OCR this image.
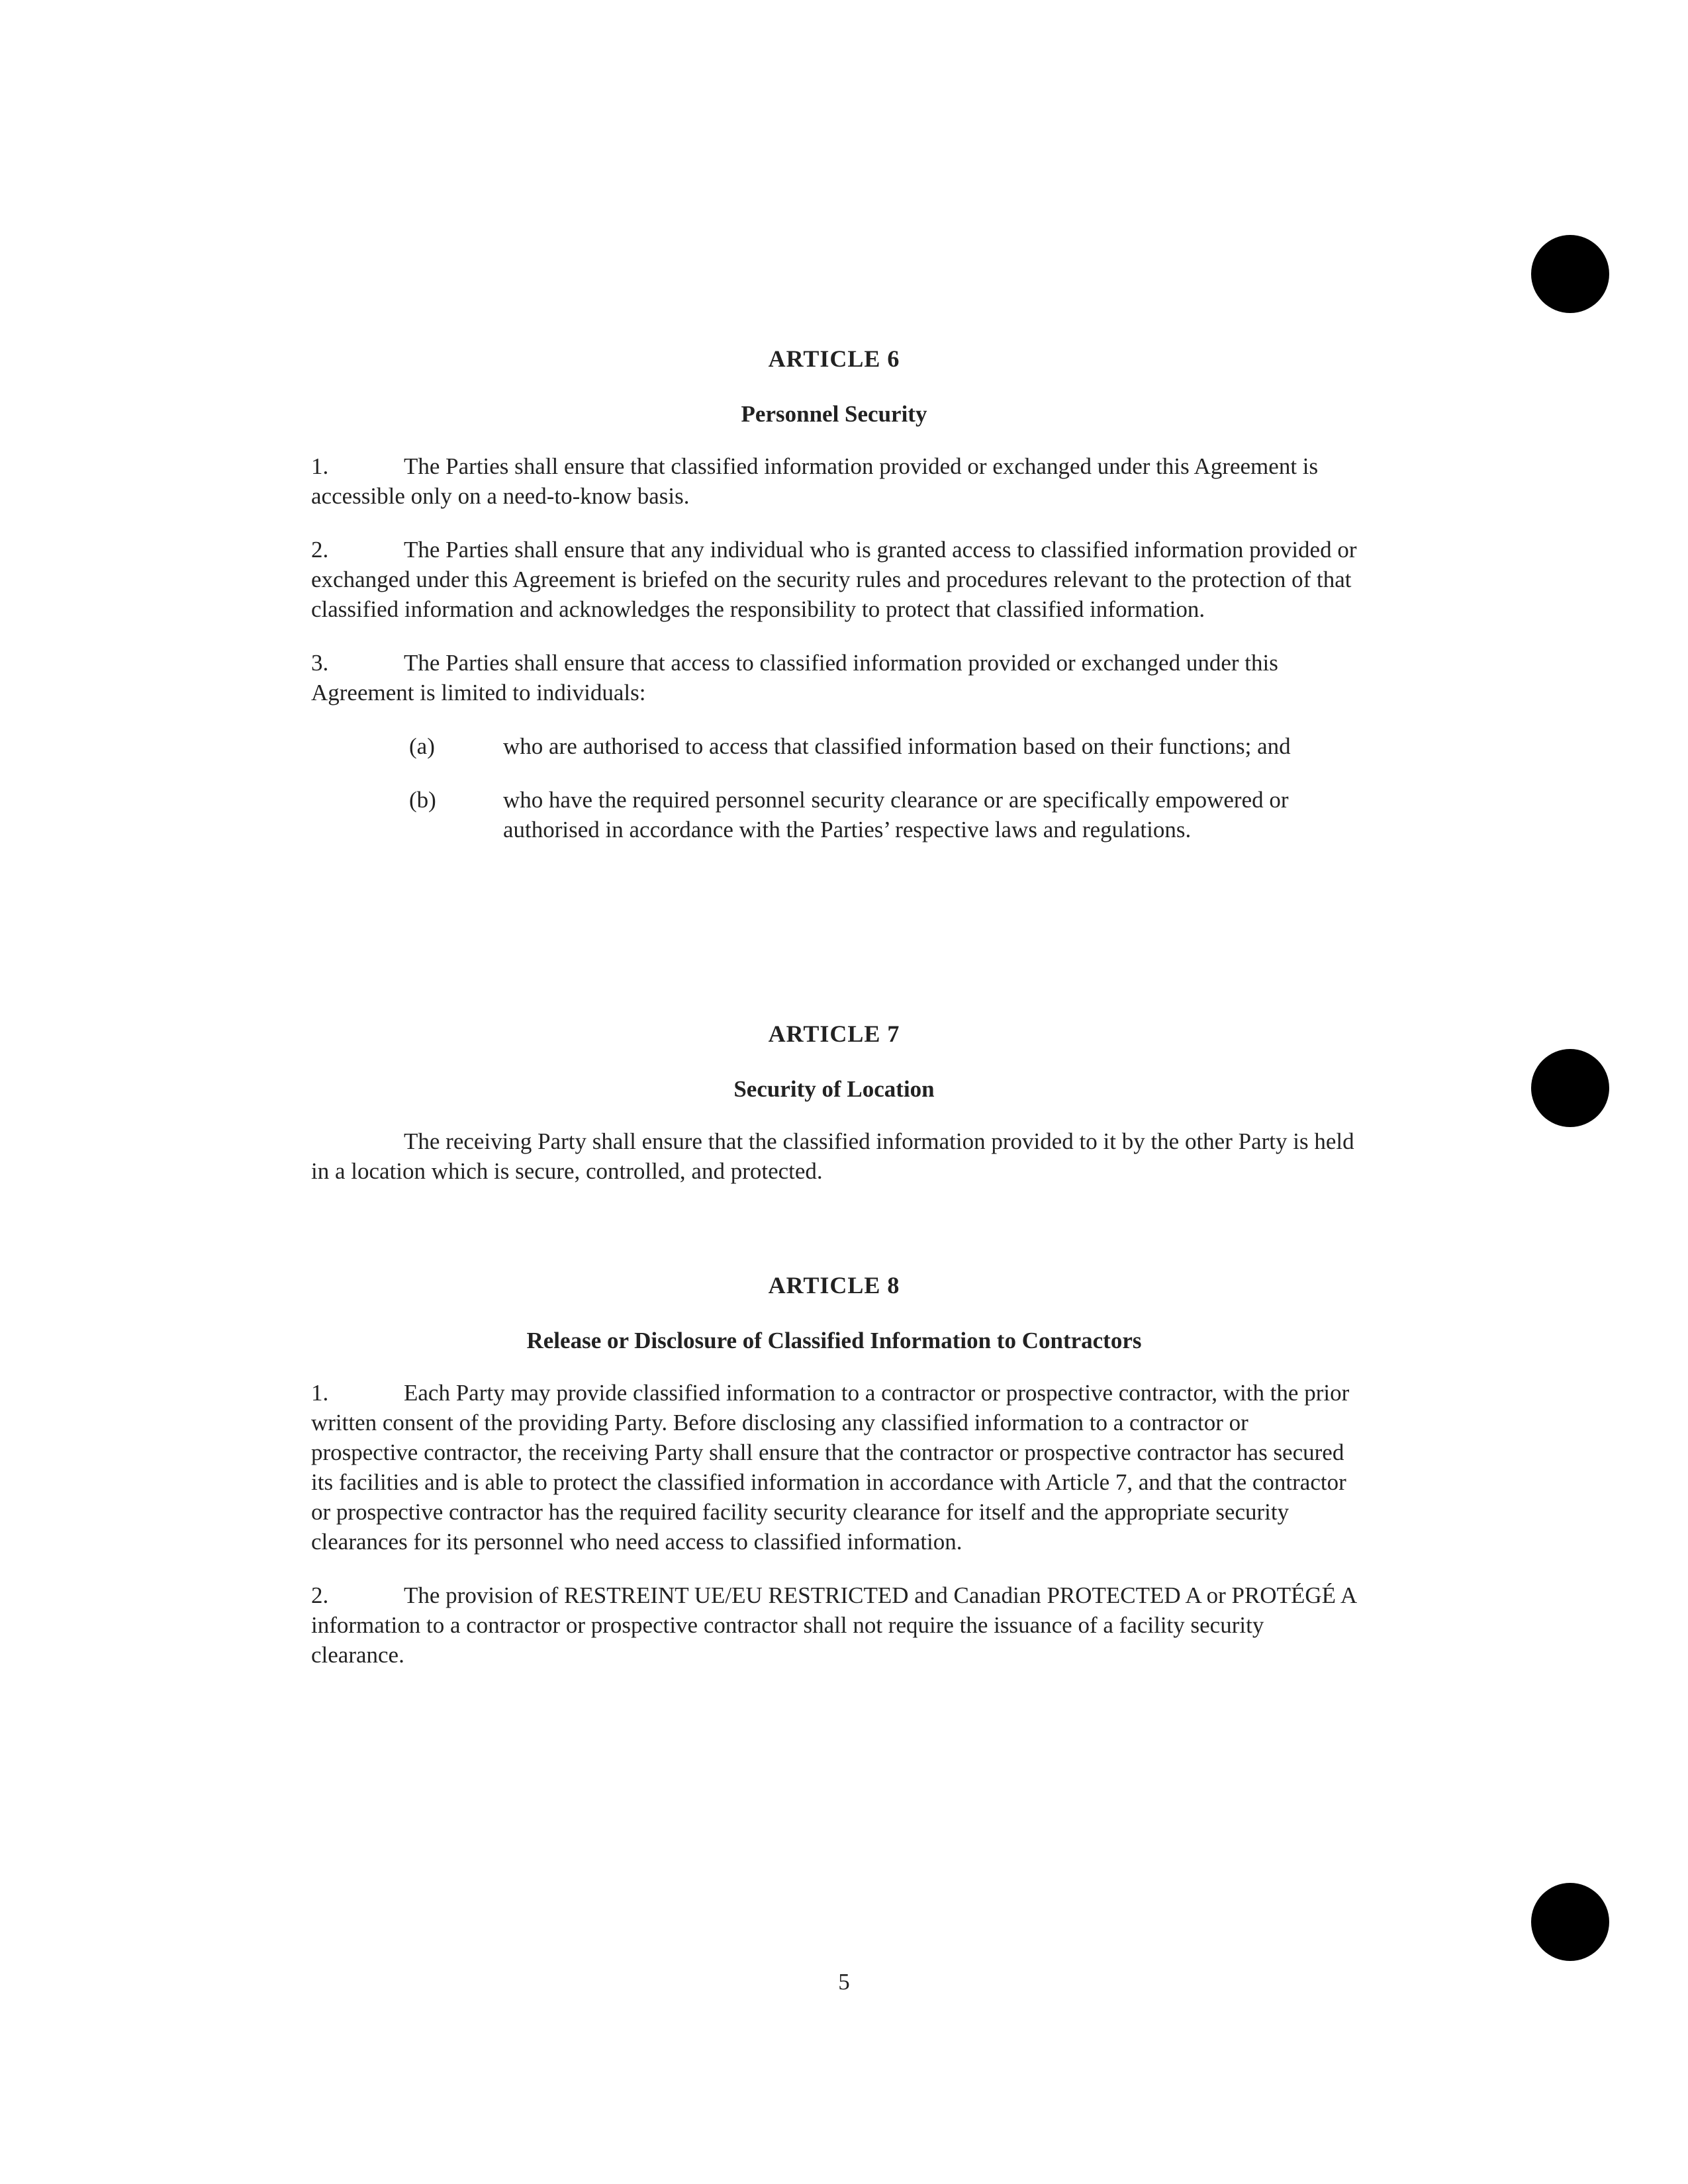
ARTICLE 6

Personnel Security

1.	The Parties shall ensure that classified information provided or exchanged under this Agreement is accessible only on a need-to-know basis.

2.	The Parties shall ensure that any individual who is granted access to classified information provided or exchanged under this Agreement is briefed on the security rules and procedures relevant to the protection of that classified information and acknowledges the responsibility to protect that classified information.

3.	The Parties shall ensure that access to classified information provided or exchanged under this Agreement is limited to individuals:

(a)	who are authorised to access that classified information based on their functions; and
(b)	who have the required personnel security clearance or are specifically empowered or authorised in accordance with the Parties’ respective laws and regulations.

ARTICLE 7

Security of Location

The receiving Party shall ensure that the classified information provided to it by the other Party is held in a location which is secure, controlled, and protected.

ARTICLE 8

Release or Disclosure of Classified Information to Contractors

1.	Each Party may provide classified information to a contractor or prospective contractor, with the prior written consent of the providing Party. Before disclosing any classified information to a contractor or prospective contractor, the receiving Party shall ensure that the contractor or prospective contractor has secured its facilities and is able to protect the classified information in accordance with Article 7, and that the contractor or prospective contractor has the required facility security clearance for itself and the appropriate security clearances for its personnel who need access to classified information.

2.	The provision of RESTREINT UE/EU RESTRICTED and Canadian PROTECTED A or PROTÉGÉ A information to a contractor or prospective contractor shall not require the issuance of a facility security clearance.

5
